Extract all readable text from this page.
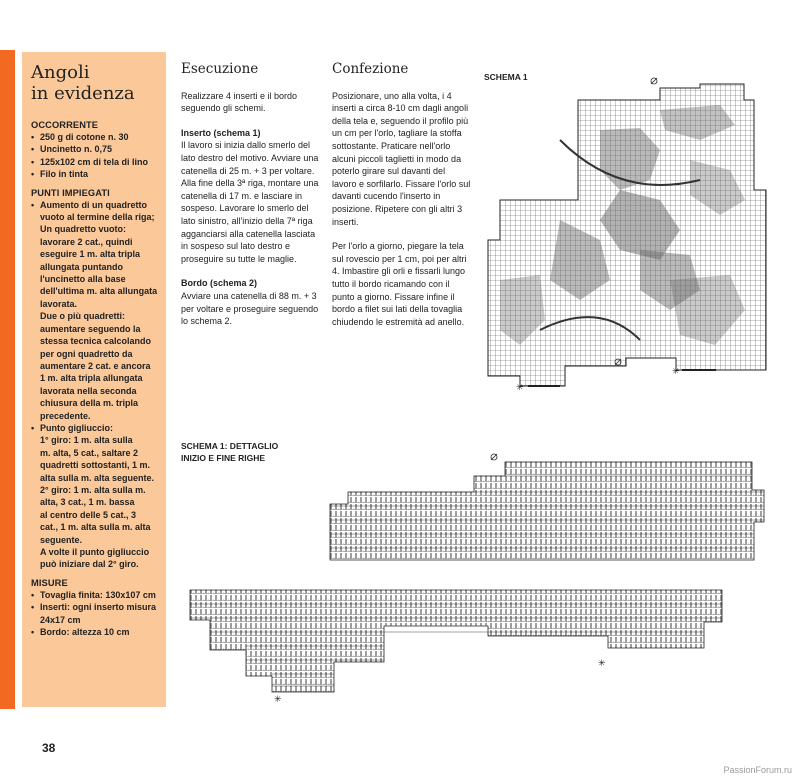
Angoli
in evidenza
OCCORRENTE
• 250 g di cotone n. 30
• Uncinetto n. 0,75
• 125x102 cm di tela di lino
• Filo in tinta
PUNTI IMPIEGATI
• Aumento di un quadretto
vuoto al termine della riga;
Un quadretto vuoto:
lavorare 2 cat., quindi
eseguire 1 m. alta tripla
allungata puntando
l'uncinetto alla base
dell'ultima m. alta allungata
lavorata.
Due o più quadretti:
aumentare seguendo la
stessa tecnica calcolando
per ogni quadretto da
aumentare 2 cat. e ancora
1 m. alta tripla allungata
lavorata nella seconda
chiusura della m. tripla
precedente.
• Punto gigliuccio:
1° giro: 1 m. alta sulla
m. alta, 5 cat., saltare 2
quadretti sottostanti, 1 m.
alta sulla m. alta seguente.
2° giro: 1 m. alta sulla m.
alta, 3 cat., 1 m. bassa
al centro delle 5 cat., 3
cat., 1 m. alta sulla m. alta
seguente.
A volte il punto gigliuccio
può iniziare dal 2° giro.
MISURE
• Tovaglia finita: 130x107 cm
• Inserti: ogni inserto misura
24x17 cm
• Bordo: altezza 10 cm
Esecuzione

Realizzare 4 inserti e il bordo seguendo gli schemi.

Inserto (schema 1)
Il lavoro si inizia dallo smerlo del lato destro del motivo. Avviare una catenella di 25 m. + 3 per voltare. Alla fine della 3ª riga, montare una catenella di 17 m. e lasciare in sospeso. Lavorare lo smerlo del lato sinistro, all'inizio della 7ª riga agganciarsi alla catenella lasciata in sospeso sul lato destro e proseguire su tutte le maglie.

Bordo (schema 2)
Avviare una catenella di 88 m. + 3 per voltare e proseguire seguendo lo schema 2.

Confezione

Posizionare, uno alla volta, i 4 inserti a circa 8-10 cm dagli angoli della tela e, seguendo il profilo più un cm per l'orlo, tagliare la stoffa sottostante. Praticare nell'orlo alcuni piccoli taglietti in modo da poterlo girare sul davanti del lavoro e sorfilarlo. Fissare l'orlo sul davanti cucendo l'inserto in posizione. Ripetere con gli altri 3 inserti.

Per l'orlo a giorno, piegare la tela sul rovescio per 1 cm, poi per altri 4. Imbastire gli orli e fissarli lungo tutto il bordo ricamando con il punto a giorno. Fissare infine il bordo a filet sui lati della tovaglia chiudendo le estremità ad anello.

SCHEMA 1
SCHEMA 1: DETTAGLIO
INIZIO E FINE RIGHE
✳
✳
✳
✳
38
PassionForum.ru
